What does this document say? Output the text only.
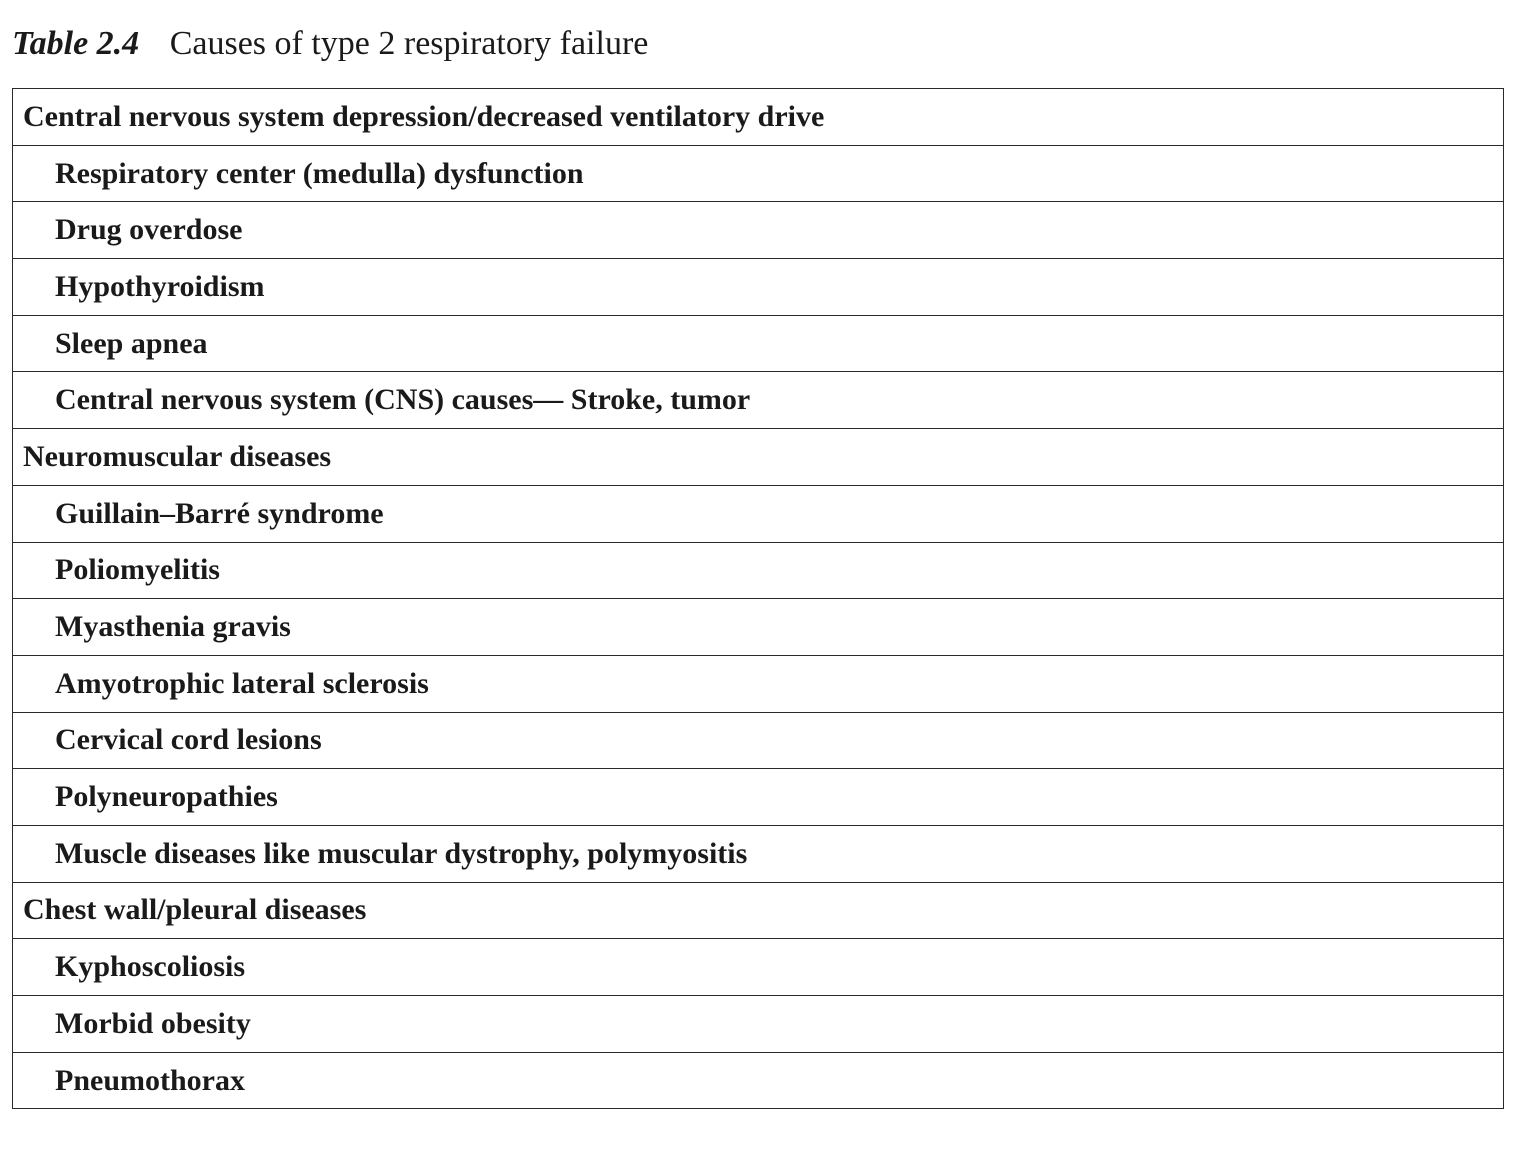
Table 2.4 Causes of type 2 respiratory failure
Central nervous system depression/decreased ventilatory drive
Respiratory center (medulla) dysfunction
Drug overdose
Hypothyroidism
Sleep apnea
Central nervous system (CNS) causes— Stroke, tumor
Neuromuscular diseases
Guillain–Barré syndrome
Poliomyelitis
Myasthenia gravis
Amyotrophic lateral sclerosis
Cervical cord lesions
Polyneuropathies
Muscle diseases like muscular dystrophy, polymyositis
Chest wall/pleural diseases
Kyphoscoliosis
Morbid obesity
Pneumothorax
